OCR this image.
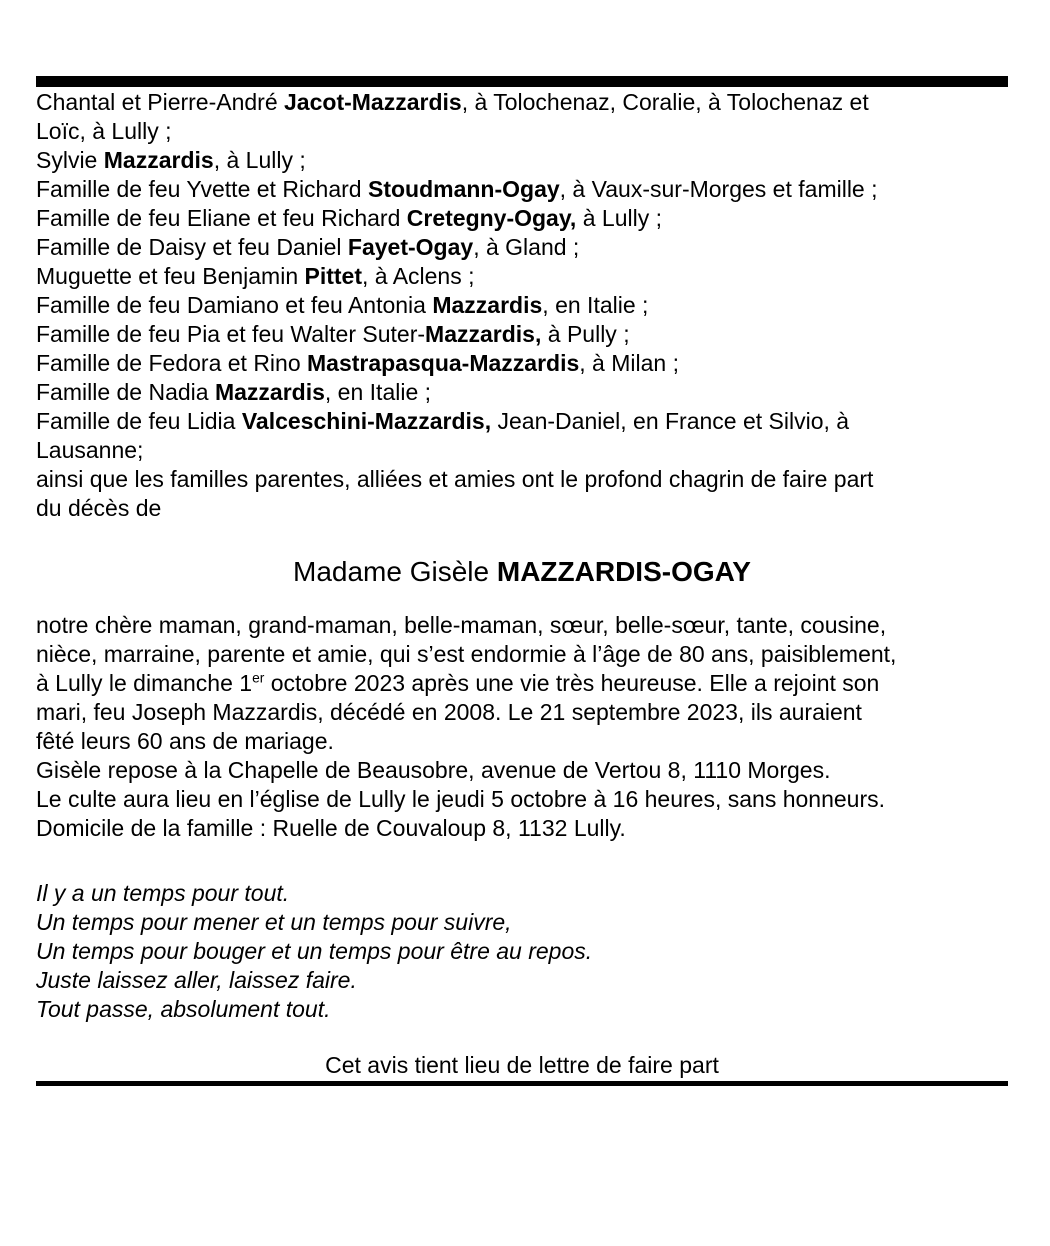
Chantal et Pierre-André Jacot-Mazzardis, à Tolochenaz, Coralie, à Tolochenaz et
Loïc, à Lully ;
Sylvie Mazzardis, à Lully ;
Famille de feu Yvette et Richard Stoudmann-Ogay, à Vaux-sur-Morges et famille ;
Famille de feu Eliane et feu Richard Cretegny-Ogay, à Lully ;
Famille de Daisy et feu Daniel Fayet-Ogay, à Gland ;
Muguette et feu Benjamin Pittet, à Aclens ;
Famille de feu Damiano et feu Antonia Mazzardis, en Italie ;
Famille de feu Pia et feu Walter Suter-Mazzardis, à Pully ;
Famille de Fedora et Rino Mastrapasqua-Mazzardis, à Milan ;
Famille de Nadia Mazzardis, en Italie ;
Famille de feu Lidia Valceschini-Mazzardis, Jean-Daniel, en France et Silvio, à
Lausanne;
ainsi que les familles parentes, alliées et amies ont le profond chagrin de faire part
du décès de
Madame Gisèle MAZZARDIS-OGAY
notre chère maman, grand-maman, belle-maman, sœur, belle-sœur, tante, cousine,
nièce, marraine, parente et amie, qui s’est endormie à l’âge de 80 ans, paisiblement,
à Lully le dimanche 1er octobre 2023 après une vie très heureuse. Elle a rejoint son
mari, feu Joseph Mazzardis, décédé en 2008. Le 21 septembre 2023, ils auraient
fêté leurs 60 ans de mariage.
Gisèle repose à la Chapelle de Beausobre, avenue de Vertou 8, 1110 Morges.
Le culte aura lieu en l’église de Lully le jeudi 5 octobre à 16 heures, sans honneurs.
Domicile de la famille : Ruelle de Couvaloup 8, 1132 Lully.
Il y a un temps pour tout.
Un temps pour mener et un temps pour suivre,
Un temps pour bouger et un temps pour être au repos.
Juste laissez aller, laissez faire.
Tout passe, absolument tout.
Cet avis tient lieu de lettre de faire part
